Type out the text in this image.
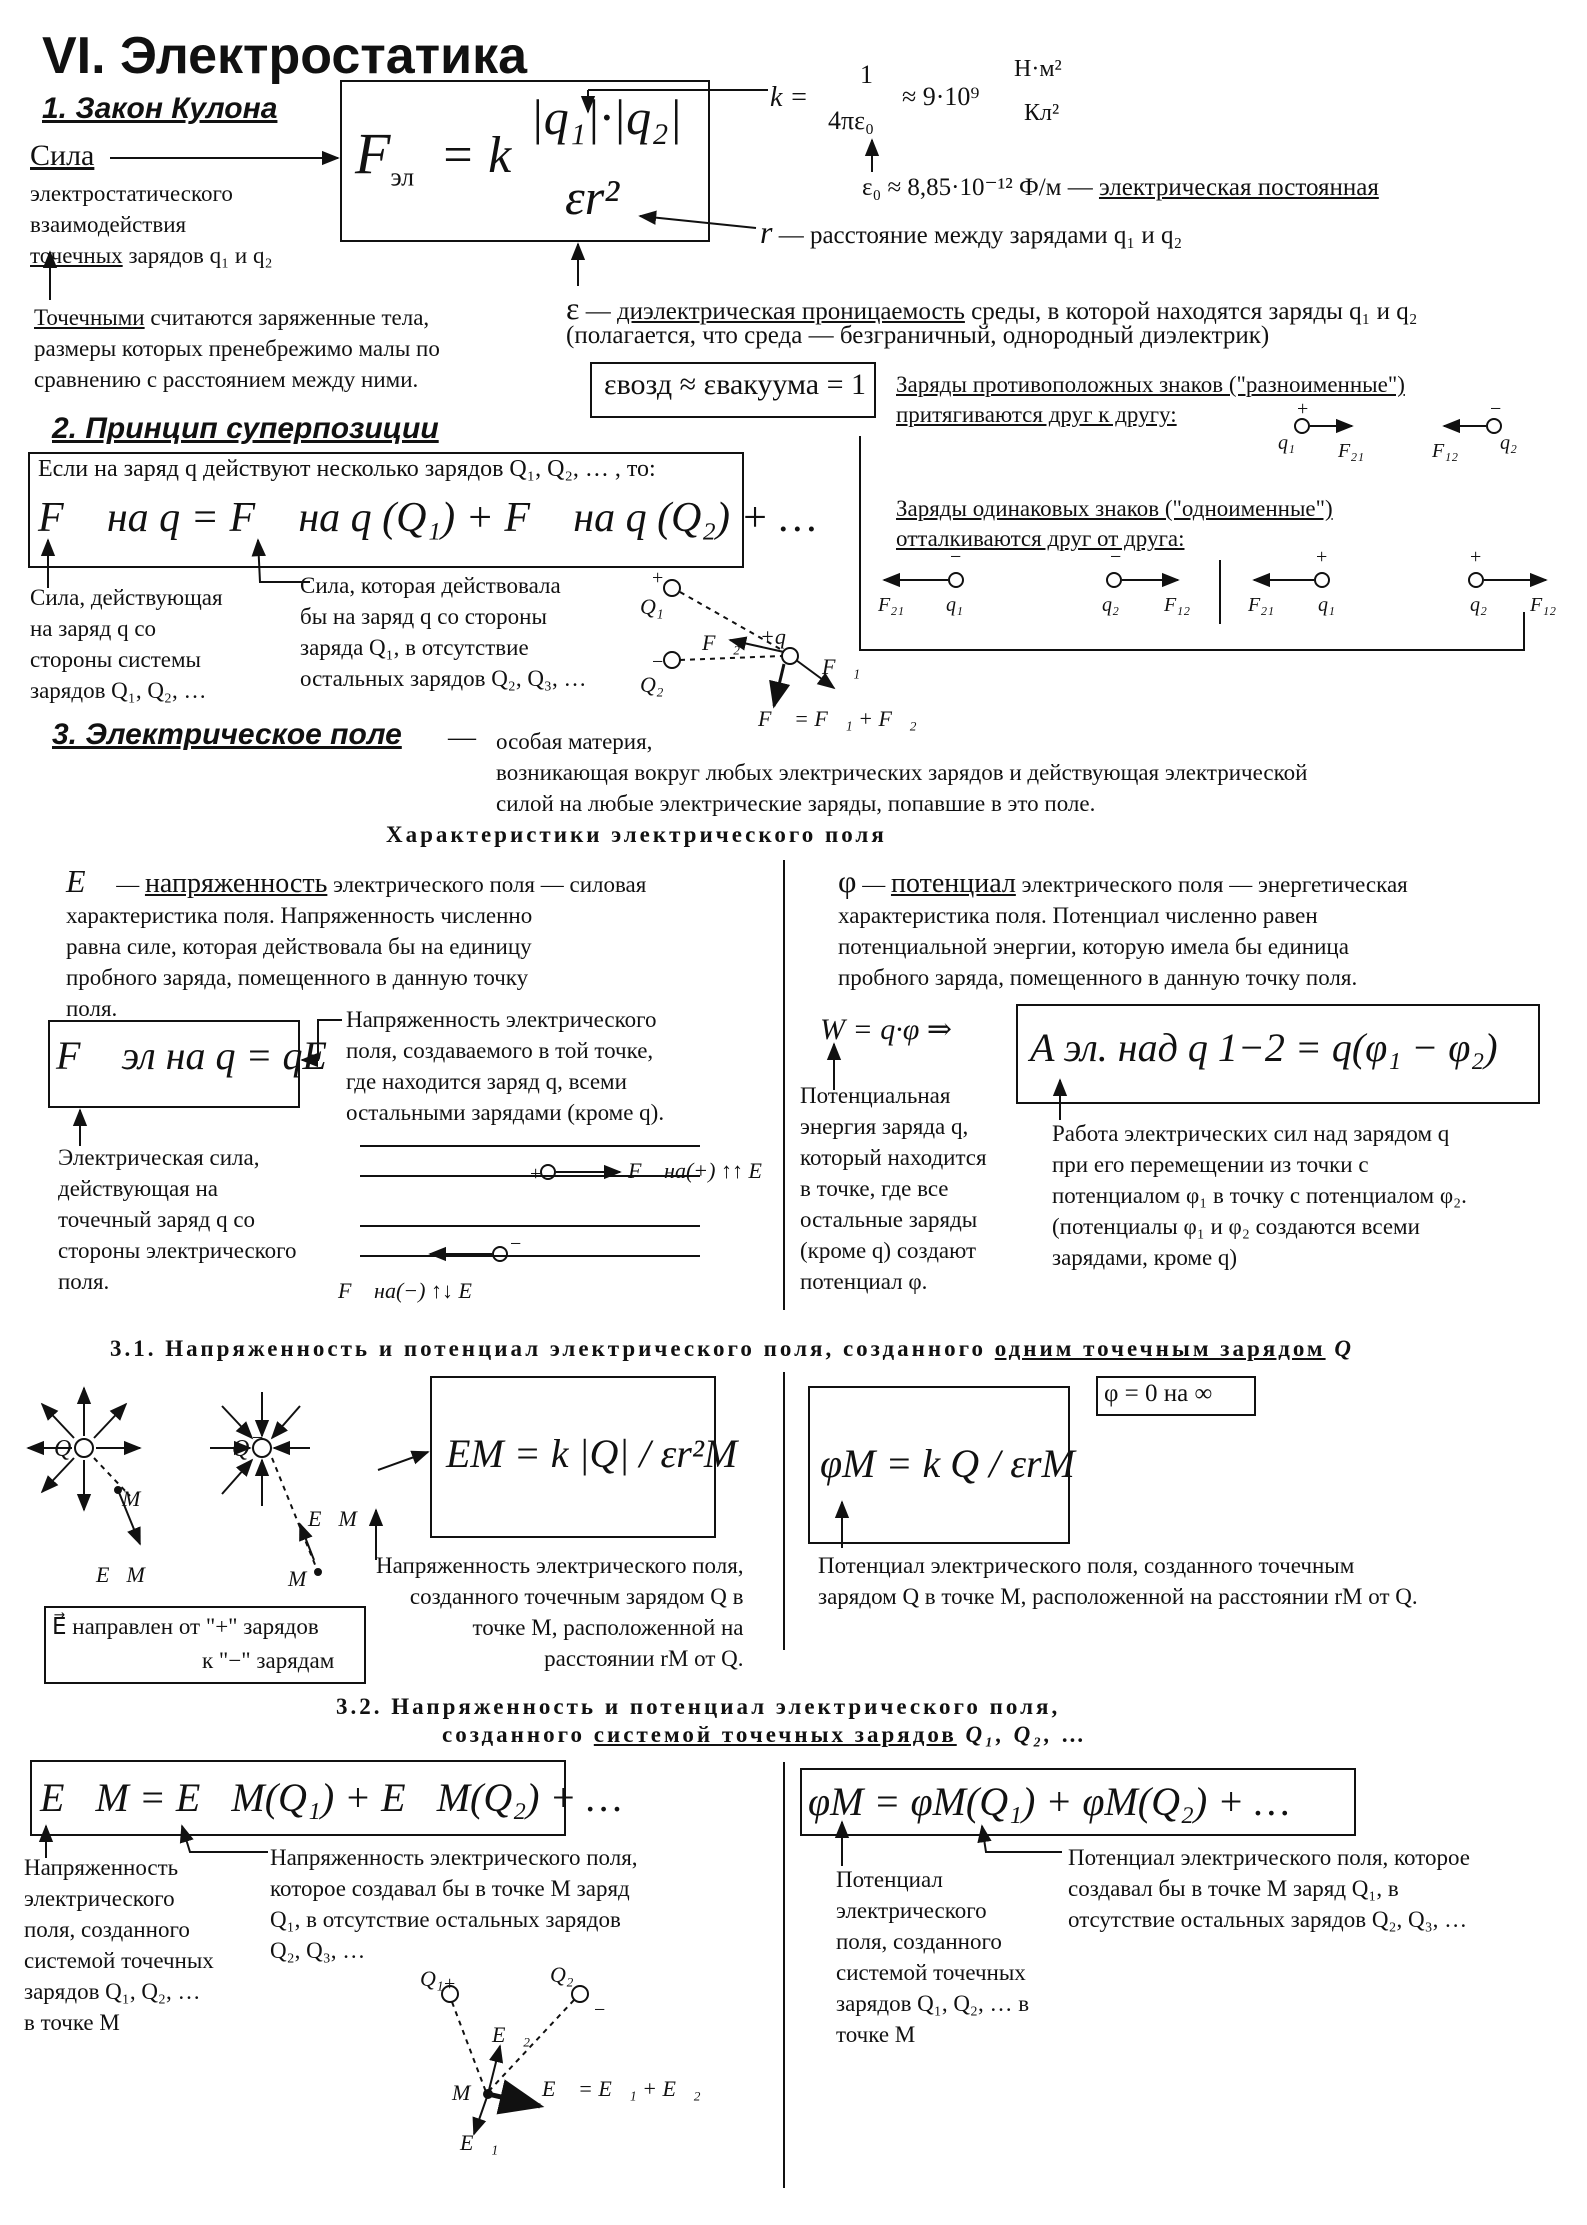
VI. Электростатика
1. Закон Кулона
Сила
электростатического
взаимодействия
точечных зарядов q₁ и q₂
$F_{эл} = k$
|q₁|·|q₂|
εr²
k =
1
4πε₀
≈ 9·10⁹
Н·м²
Кл²
ε₀ ≈ 8,85·10⁻¹² Ф/м — электрическая постоянная
r — расстояние между зарядами q₁ и q₂
Точечными считаются заряженные тела,
размеры которых пренебрежимо малы по
сравнению с расстоянием между ними.
ε — диэлектрическая проницаемость среды, в которой находятся заряды q₁ и q₂
(полагается, что среда — безграничный, однородный диэлектрик)
εвозд ≈ εвакуума = 1 Заряды противоположных знаков ("разноименные")
притягиваются друг к другу:
Заряды одинаковых знаков ("одноименные")
отталкиваются друг от друга:
q₁ F₂₁	F₁₂ q₂
F₂₁ q₁	q₂ F₁₂	F₂₁ q₁	q₂ F₁₂
+	−
−	−	+	+
2. Принцип суперпозиции
Если на заряд q действуют несколько зарядов Q₁, Q₂, … , то:
F⃗ на q = F⃗ на q (Q₁) + F⃗ на q (Q₂) + …
Сила, действующая
на заряд q со
стороны системы
зарядов Q₁, Q₂, …
Сила, которая действовала
бы на заряд q со стороны
заряда Q₁, в отсутствие
остальных зарядов Q₂, Q₃, …
Q₁
Q₂
+q
F⃗₂
F⃗₁
F⃗ = F⃗₁ + F⃗₂
3. Электрическое поле — особая материя,
возникающая вокруг любых электрических зарядов и действующая электрической
силой на любые электрические заряды, попавшие в это поле.
Характеристики электрического поля
E⃗ — напряженность электрического поля — силовая
характеристика поля. Напряженность численно
равна силе, которая действовала бы на единицу
пробного заряда, помещенного в данную точку
поля.
F⃗ эл на q = qE⃗
Напряженность электрического
поля, создаваемого в той точке,
где находится заряд q, всеми
остальными зарядами (кроме q).
Электрическая сила,
действующая на
точечный заряд q со
стороны электрического
поля.
F⃗ на(+) ↑↑ E⃗
F⃗ на(−) ↑↓ E⃗
φ — потенциал электрического поля — энергетическая
характеристика поля. Потенциал численно равен
потенциальной энергии, которую имела бы единица
пробного заряда, помещенного в данную точку поля.
W = q·φ ⇒ A эл. над q 1−2 = q(φ₁ − φ₂)
Потенциальная
энергия заряда q,
который находится
в точке, где все
остальные заряды
(кроме q) создают
потенциал φ.
Работа электрических сил над зарядом q
при его перемещении из точки с
потенциалом φ₁ в точку с потенциалом φ₂.
(потенциалы φ₁ и φ₂ создаются всеми
зарядами, кроме q)
3.1. Напряженность и потенциал электрического поля, созданного одним точечным зарядом Q
Q	Q
M
E⃗M
E⃗M
M
E⃗ направлен от "+" зарядов
к "−" зарядам
EM = k |Q| / εr²M
Напряженность электрического поля,
созданного точечным зарядом Q в
точке M, расположенной на
расстоянии rM от Q.
φ = 0 на ∞
φM = k Q / εrM
Потенциал электрического поля, созданного точечным
зарядом Q в точке M, расположенной на расстоянии rM от Q.
3.2. Напряженность и потенциал электрического поля,
созданного системой точечных зарядов Q₁, Q₂, …
E⃗M = E⃗M(Q₁) + E⃗M(Q₂) + …
Напряженность
электрического
поля, созданного
системой точечных
зарядов Q₁, Q₂, …
в точке M
Напряженность электрического поля,
которое создавал бы в точке M заряд
Q₁, в отсутствие остальных зарядов
Q₂, Q₃, …
φM = φM(Q₁) + φM(Q₂) + …
Потенциал
электрического
поля, созданного
системой точечных
зарядов Q₁, Q₂, … в
точке M
Потенциал электрического поля, которое
создавал бы в точке M заряд Q₁, в
отсутствие остальных зарядов Q₂, Q₃, …
Q₁	Q₂
E⃗₂
M	E⃗ = E⃗₁ + E⃗₂
E⃗₁
+
−
+
−
+
−
−
